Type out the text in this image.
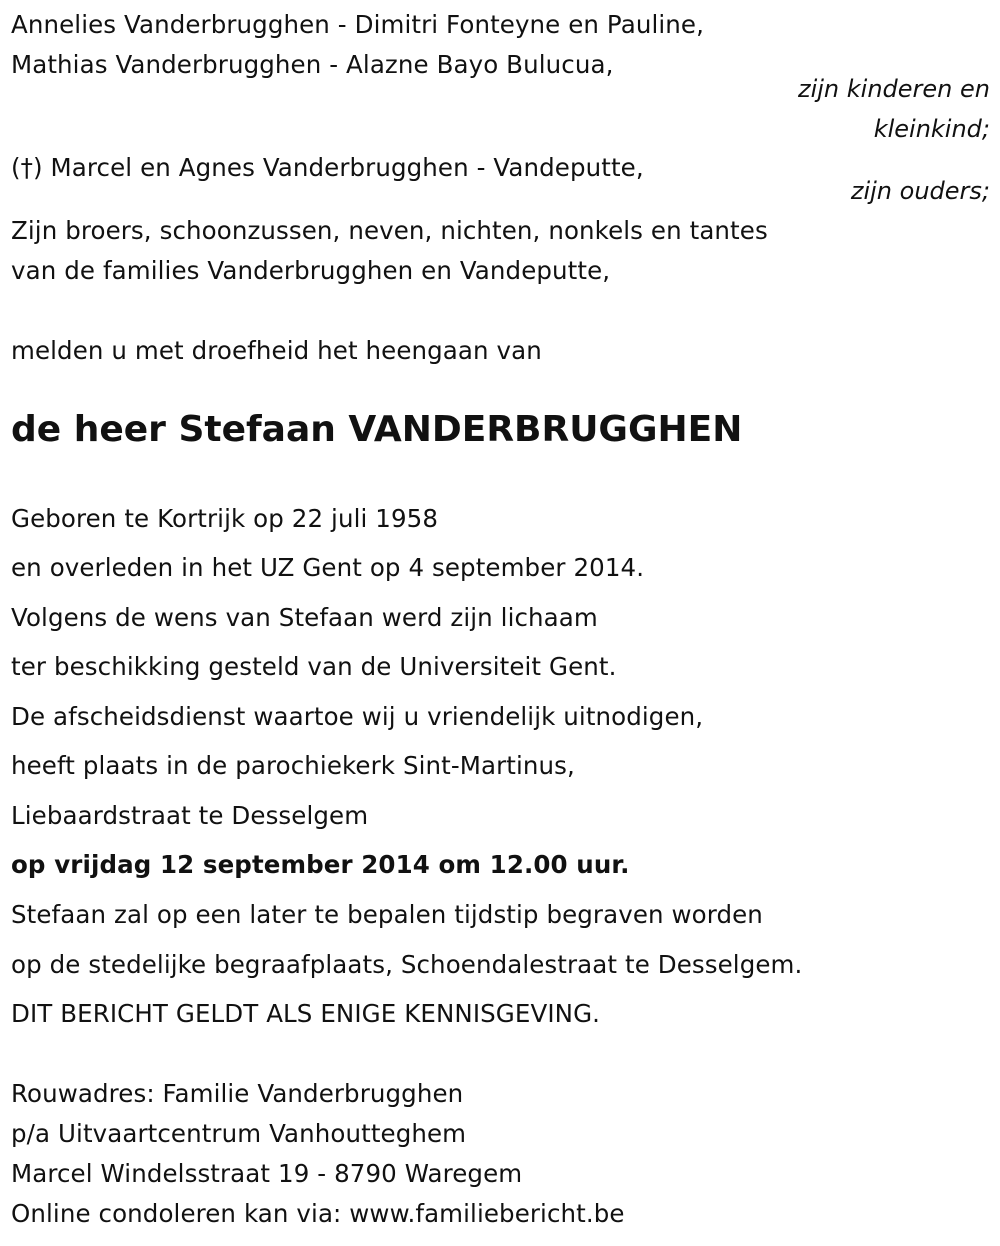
Annelies Vanderbrugghen - Dimitri Fonteyne en Pauline,
Mathias Vanderbrugghen - Alazne Bayo Bulucua,
zijn kinderen en
kleinkind;
(†) Marcel en Agnes Vanderbrugghen - Vandeputte,
zijn ouders;
Zijn broers, schoonzussen, neven, nichten, nonkels en tantes
van de families Vanderbrugghen en Vandeputte,
melden u met droefheid het heengaan van
de heer Stefaan VANDERBRUGGHEN
Geboren te Kortrijk op 22 juli 1958
en overleden in het UZ Gent op 4 september 2014.
Volgens de wens van Stefaan werd zijn lichaam
ter beschikking gesteld van de Universiteit Gent.
De afscheidsdienst waartoe wij u vriendelijk uitnodigen,
heeft plaats in de parochiekerk Sint-Martinus,
Liebaardstraat te Desselgem
op vrijdag 12 september 2014 om 12.00 uur.
Stefaan zal op een later te bepalen tijdstip begraven worden
op de stedelijke begraafplaats, Schoendalestraat te Desselgem.
DIT BERICHT GELDT ALS ENIGE KENNISGEVING.
Rouwadres: Familie Vanderbrugghen
p/a Uitvaartcentrum Vanhoutteghem
Marcel Windelsstraat 19 - 8790 Waregem
Online condoleren kan via: www.familiebericht.be
